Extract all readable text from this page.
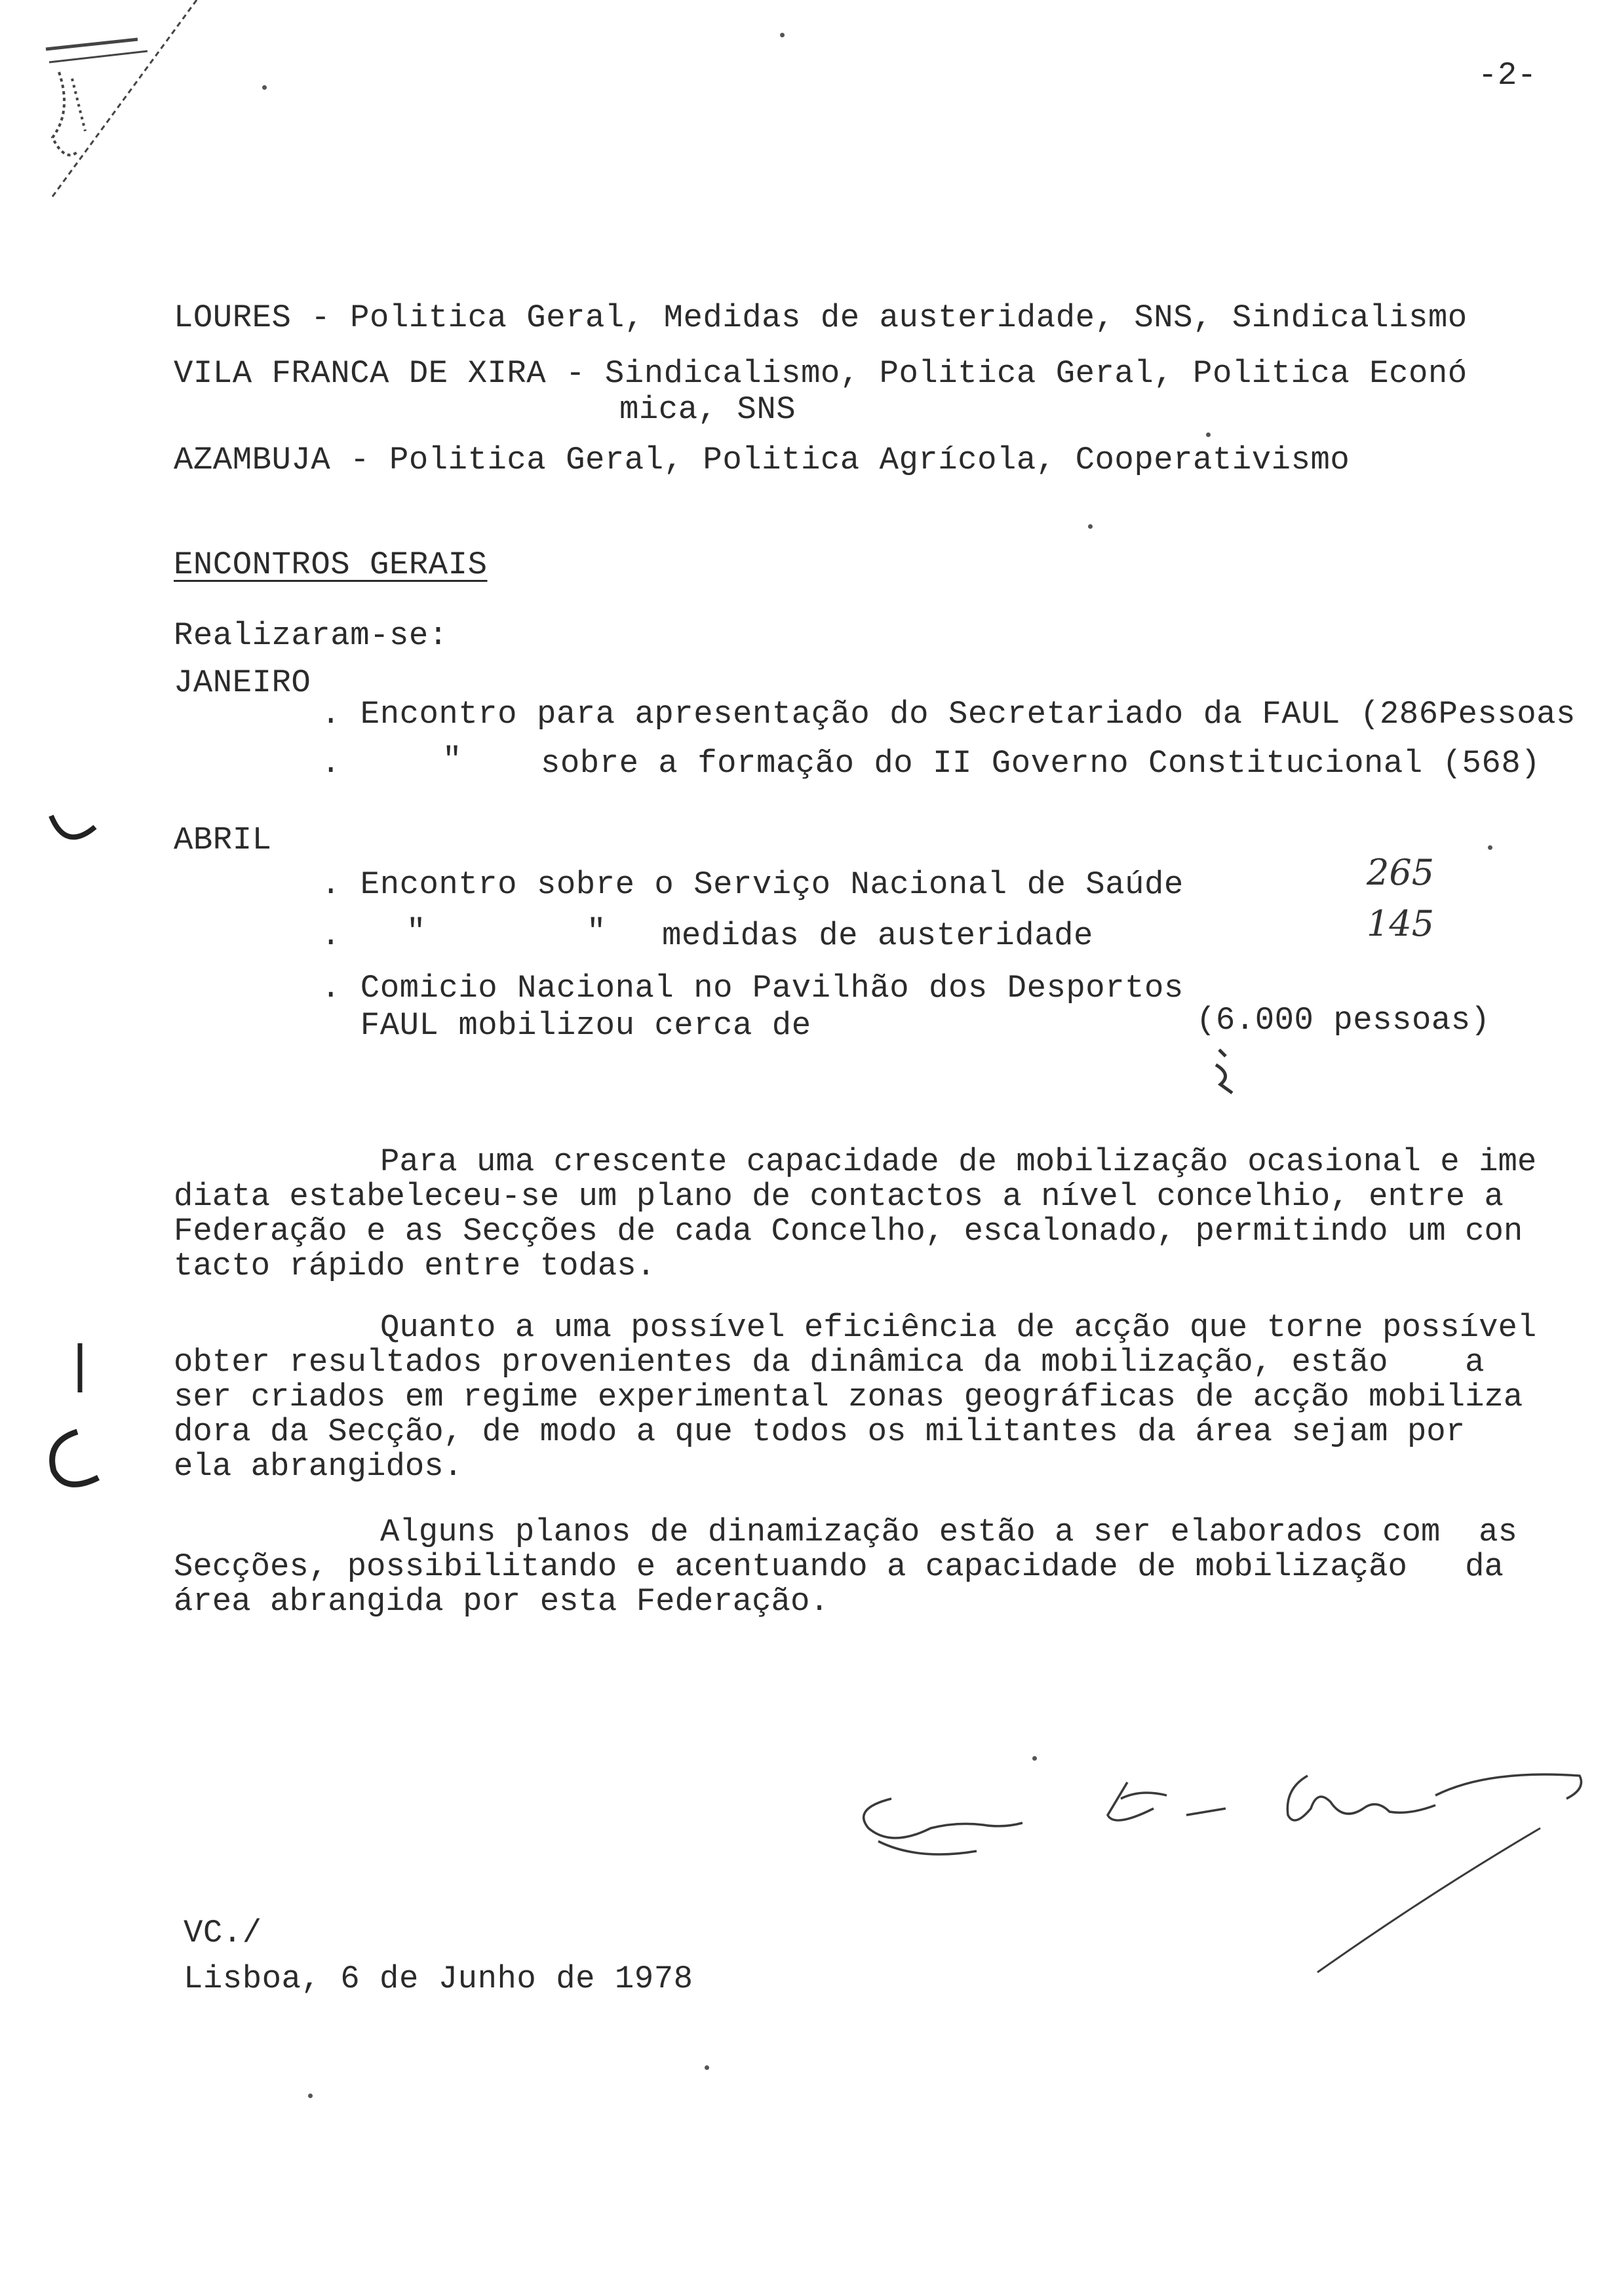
-2-
LOURES - Politica Geral, Medidas de austeridade, SNS, Sindicalismo
VILA FRANCA DE XIRA - Sindicalismo, Politica Geral, Politica Econó
mica, SNS
AZAMBUJA - Politica Geral, Politica Agrícola, Cooperativismo
ENCONTROS GERAIS
Realizaram-se:
JANEIRO
. Encontro para apresentação do Secretariado da FAUL (286Pessoas
.	" sobre a formação do II Governo Constitucional (568)
ABRIL
. Encontro sobre o Serviço Nacional de Saúde	265
. "	" medidas de austeridade	145
. Comicio Nacional no Pavilhão dos Desportos
FAUL mobilizou cerca de	(6.000 pessoas)
Para uma crescente capacidade de mobilização ocasional e ime
diata estabeleceu-se um plano de contactos a nível concelhio, entre a
Federação e as Secções de cada Concelho, escalonado, permitindo um con
tacto rápido entre todas.
Quanto a uma possível eficiência de acção que torne possível
obter resultados provenientes da dinâmica da mobilização, estão    a
ser criados em regime experimental zonas geográficas de acção mobiliza
dora da Secção, de modo a que todos os militantes da área sejam por
ela abrangidos.
Alguns planos de dinamização estão a ser elaborados com  as
Secções, possibilitando e acentuando a capacidade de mobilização   da
área abrangida por esta Federação.
VC./
Lisboa, 6 de Junho de 1978
